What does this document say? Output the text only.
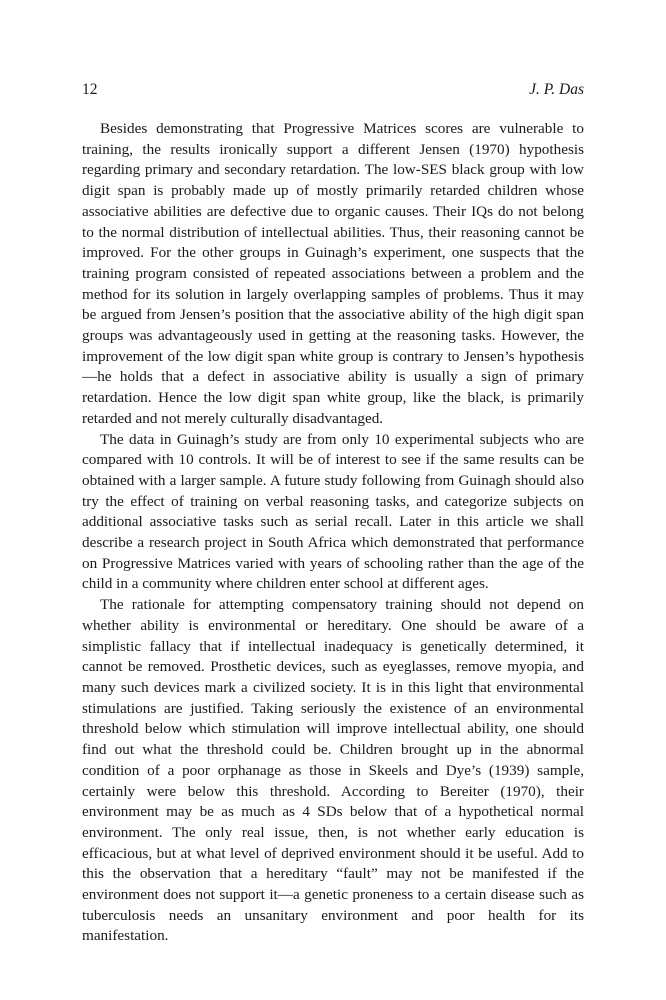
12	J. P. Das

Besides demonstrating that Progressive Matrices scores are vulnerable to training, the results ironically support a different Jensen (1970) hypothesis regarding primary and secondary retardation. The low-SES black group with low digit span is probably made up of mostly primarily retarded children whose associative abilities are defective due to organic causes. Their IQs do not belong to the normal distribution of intellectual abilities. Thus, their reasoning cannot be improved. For the other groups in Guinagh’s experiment, one suspects that the training program consisted of repeated associations between a problem and the method for its solution in largely overlapping samples of problems. Thus it may be argued from Jensen’s position that the associative ability of the high digit span groups was advantageously used in getting at the reasoning tasks. However, the improvement of the low digit span white group is contrary to Jensen’s hypothesis—he holds that a defect in associative ability is usually a sign of primary retardation. Hence the low digit span white group, like the black, is primarily retarded and not merely culturally disadvantaged.

The data in Guinagh’s study are from only 10 experimental subjects who are compared with 10 controls. It will be of interest to see if the same results can be obtained with a larger sample. A future study following from Guinagh should also try the effect of training on verbal reasoning tasks, and categorize subjects on additional associative tasks such as serial recall. Later in this article we shall describe a research project in South Africa which demonstrated that performance on Progressive Matrices varied with years of schooling rather than the age of the child in a community where children enter school at different ages.

The rationale for attempting compensatory training should not depend on whether ability is environmental or hereditary. One should be aware of a simplistic fallacy that if intellectual inadequacy is genetically determined, it cannot be removed. Prosthetic devices, such as eyeglasses, remove myopia, and many such devices mark a civilized society. It is in this light that environmental stimulations are justified. Taking seriously the existence of an environmental threshold below which stimulation will improve intellectual ability, one should find out what the threshold could be. Children brought up in the abnormal condition of a poor orphanage as those in Skeels and Dye’s (1939) sample, certainly were below this threshold. According to Bereiter (1970), their environment may be as much as 4 SDs below that of a hypothetical normal environment. The only real issue, then, is not whether early education is efficacious, but at what level of deprived environment should it be useful. Add to this the observation that a hereditary “fault” may not be manifested if the environment does not support it—a genetic proneness to a certain disease such as tuberculosis needs an unsanitary environment and poor health for its manifestation.
